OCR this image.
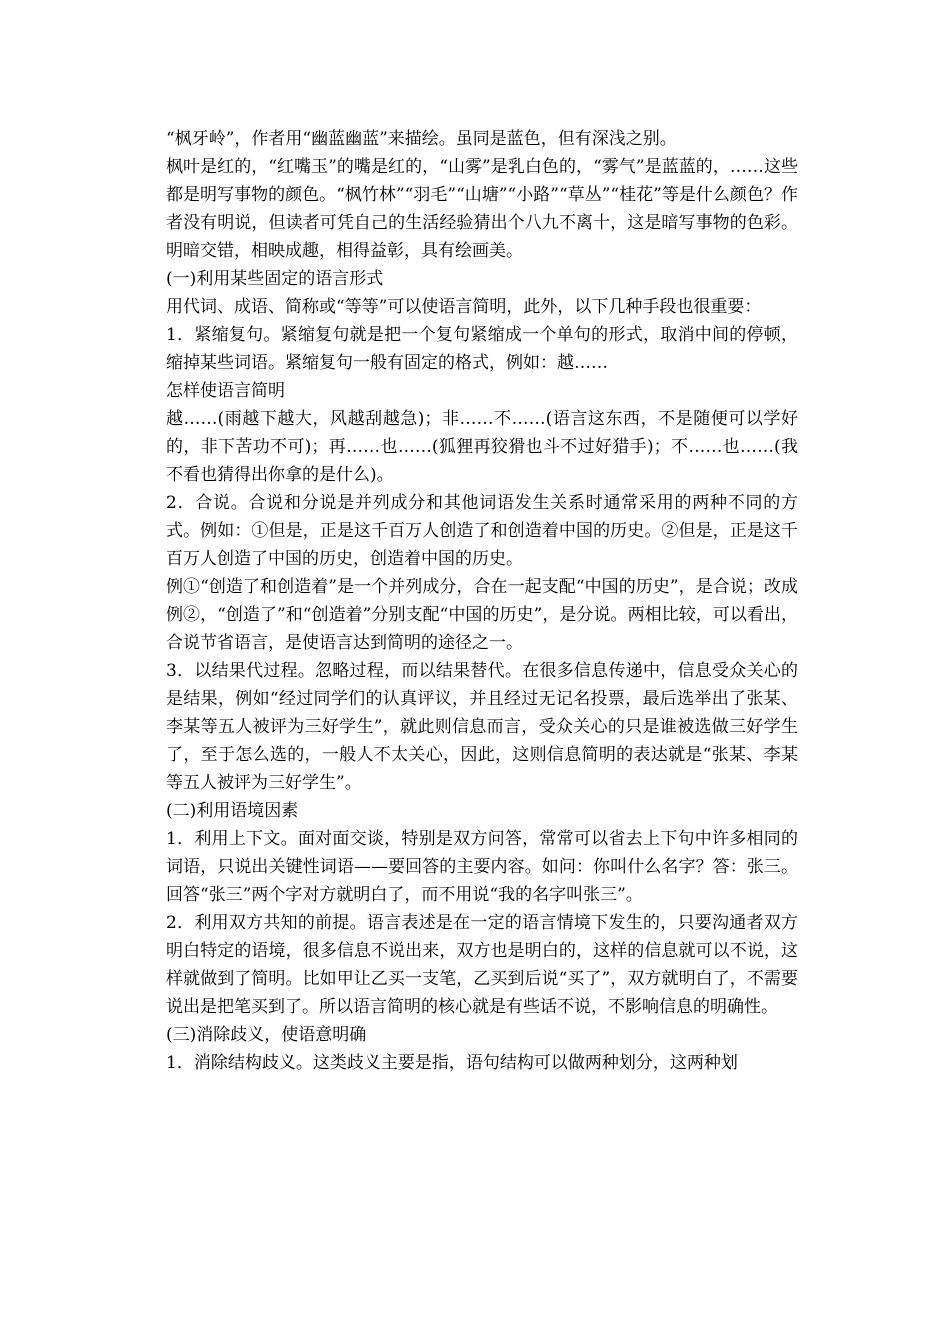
“枫牙岭”，作者用“幽蓝幽蓝”来描绘。虽同是蓝色，但有深浅之别。

枫叶是红的，“红嘴玉”的嘴是红的，“山雾”是乳白色的，“雾气”是蓝蓝的，……这些都是明写事物的颜色。“枫竹林”“羽毛”“山塘”“小路”“草丛”“桂花”等是什么颜色？作者没有明说，但读者可凭自己的生活经验猜出个八九不离十，这是暗写事物的色彩。明暗交错，相映成趣，相得益彰，具有绘画美。

(一)利用某些固定的语言形式

用代词、成语、简称或“等等”可以使语言简明，此外，以下几种手段也很重要：

1．紧缩复句。紧缩复句就是把一个复句紧缩成一个单句的形式，取消中间的停顿，缩掉某些词语。紧缩复句一般有固定的格式，例如：越……

怎样使语言简明

越……(雨越下越大，风越刮越急)；非……不……(语言这东西，不是随便可以学好的，非下苦功不可)；再……也……(狐狸再狡猾也斗不过好猎手)；不……也……(我不看也猜得出你拿的是什么)。

2．合说。合说和分说是并列成分和其他词语发生关系时通常采用的两种不同的方式。例如：①但是，正是这千百万人创造了和创造着中国的历史。②但是，正是这千百万人创造了中国的历史，创造着中国的历史。

例①“创造了和创造着”是一个并列成分，合在一起支配“中国的历史”，是合说；改成例②，“创造了”和“创造着”分别支配“中国的历史”，是分说。两相比较，可以看出，合说节省语言，是使语言达到简明的途径之一。

3．以结果代过程。忽略过程，而以结果替代。在很多信息传递中，信息受众关心的是结果，例如“经过同学们的认真评议，并且经过无记名投票，最后选举出了张某、李某等五人被评为三好学生”，就此则信息而言，受众关心的只是谁被选做三好学生了，至于怎么选的，一般人不太关心，因此，这则信息简明的表达就是“张某、李某等五人被评为三好学生”。

(二)利用语境因素

1．利用上下文。面对面交谈，特别是双方问答，常常可以省去上下句中许多相同的词语，只说出关键性词语——要回答的主要内容。如问：你叫什么名字？答：张三。回答“张三”两个字对方就明白了，而不用说“我的名字叫张三”。

2．利用双方共知的前提。语言表述是在一定的语言情境下发生的，只要沟通者双方明白特定的语境，很多信息不说出来，双方也是明白的，这样的信息就可以不说，这样就做到了简明。比如甲让乙买一支笔，乙买到后说“买了”，双方就明白了，不需要说出是把笔买到了。所以语言简明的核心就是有些话不说，不影响信息的明确性。

(三)消除歧义，使语意明确

1．消除结构歧义。这类歧义主要是指，语句结构可以做两种划分，这两种划
